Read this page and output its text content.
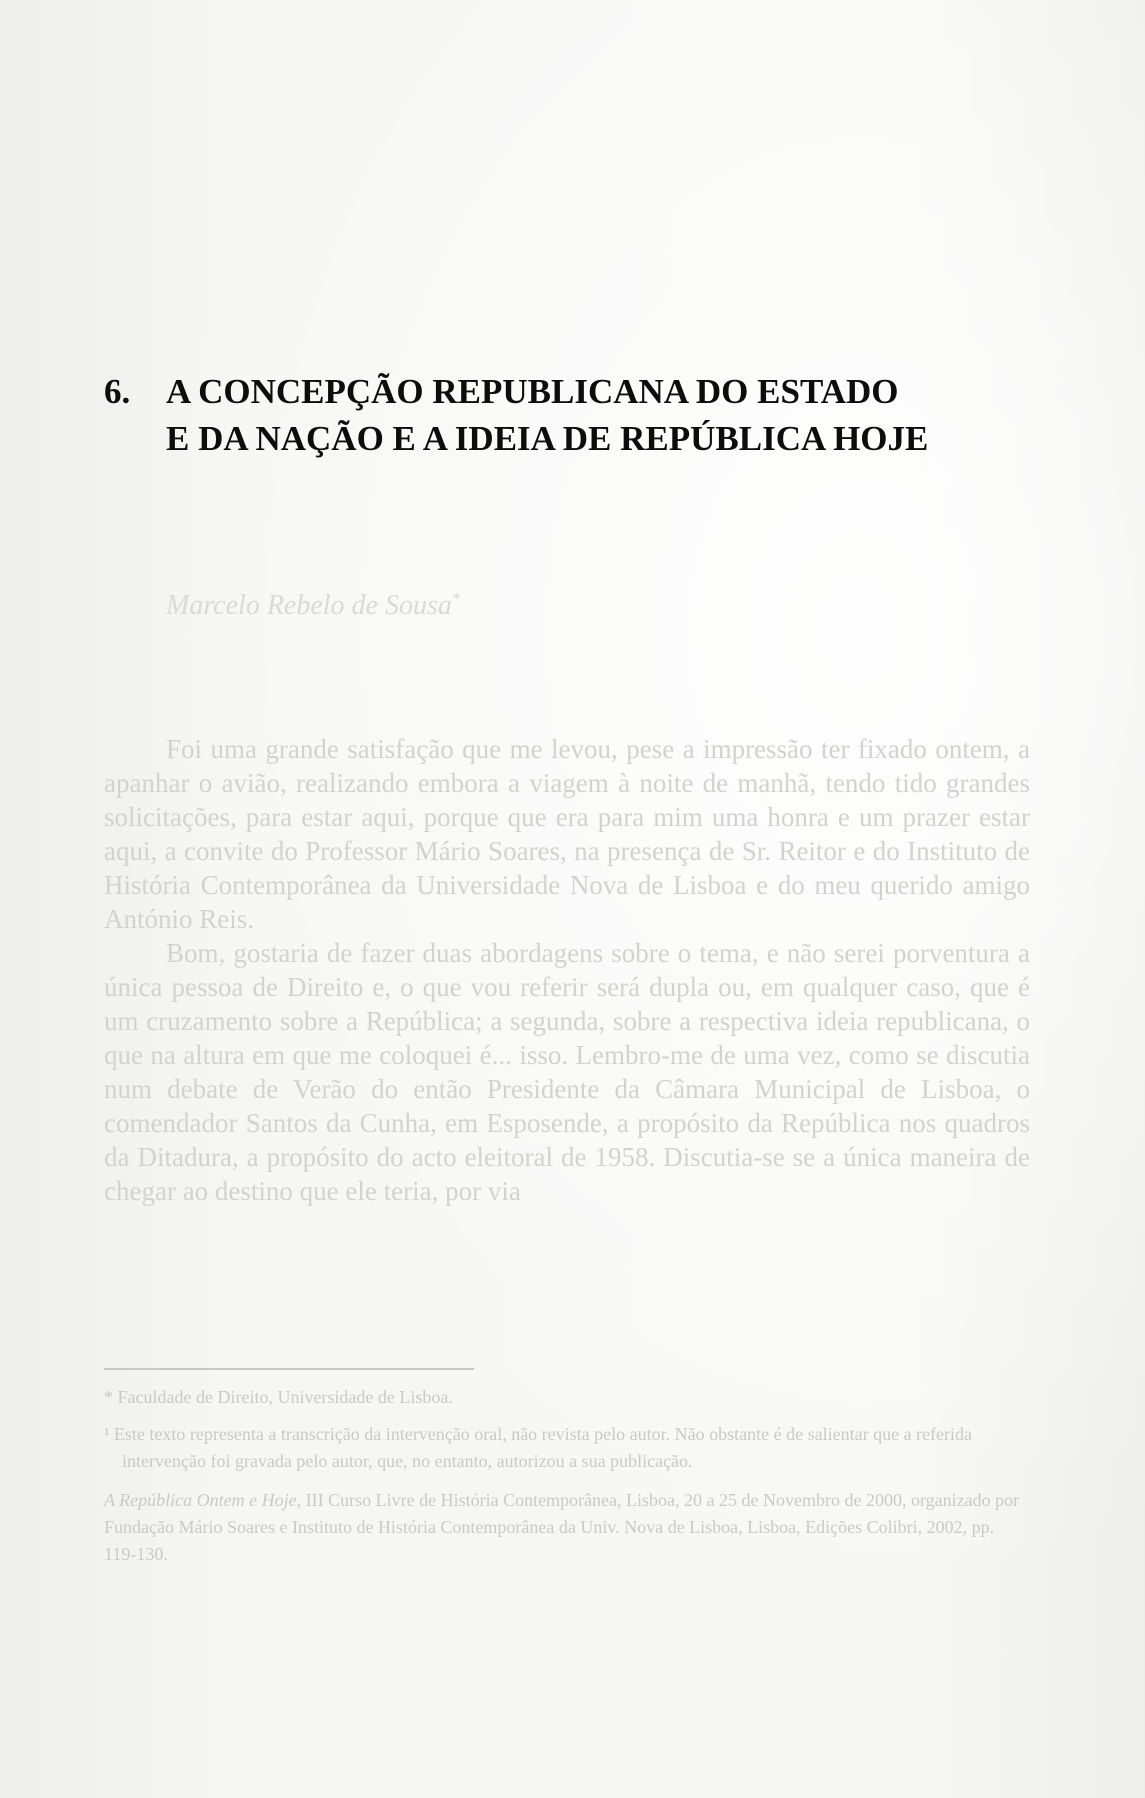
6. A CONCEPÇÃO REPUBLICANA DO ESTADO
E DA NAÇÃO E A IDEIA DE REPÚBLICA HOJE
Marcelo Rebelo de Sousa*

Foi uma grande satisfação que me levou, pese a impressão ter fixado ontem, a apanhar o avião, realizando embora a viagem à noite de manhã, tendo tido grandes solicitações, para estar aqui, porque que era para mim uma honra e um prazer estar aqui, a convite do Professor Mário Soares, na presença de Sr. Reitor e do Instituto de História Contemporânea da Universidade Nova de Lisboa e do meu querido amigo António Reis.

Bom, gostaria de fazer duas abordagens sobre o tema, e não serei porventura a única pessoa de Direito e, o que vou referir será dupla ou, em qualquer caso, que é um cruzamento sobre a República; a segunda, sobre a respectiva ideia republicana, o que na altura em que me coloquei é... isso. Lembro-me de uma vez, como se discutia num debate de Verão do então Presidente da Câmara Municipal de Lisboa, o comendador Santos da Cunha, em Esposende, a propósito da República nos quadros da Ditadura, a propósito do acto eleitoral de 1958. Discutia-se se a única maneira de chegar ao destino que ele teria, por via

* Faculdade de Direito, Universidade de Lisboa.

¹ Este texto representa a transcrição da intervenção oral, não revista pelo autor. Não obstante é de salientar que a referida intervenção foi gravada pelo autor, que, no entanto, autorizou a sua publicação.

A República Ontem e Hoje, III Curso Livre de História Contemporânea, Lisboa, 20 a 25 de Novembro de 2000, organizado por Fundação Mário Soares e Instituto de História Contemporânea da Univ. Nova de Lisboa, Lisboa, Edições Colibri, 2002, pp. 119-130.
